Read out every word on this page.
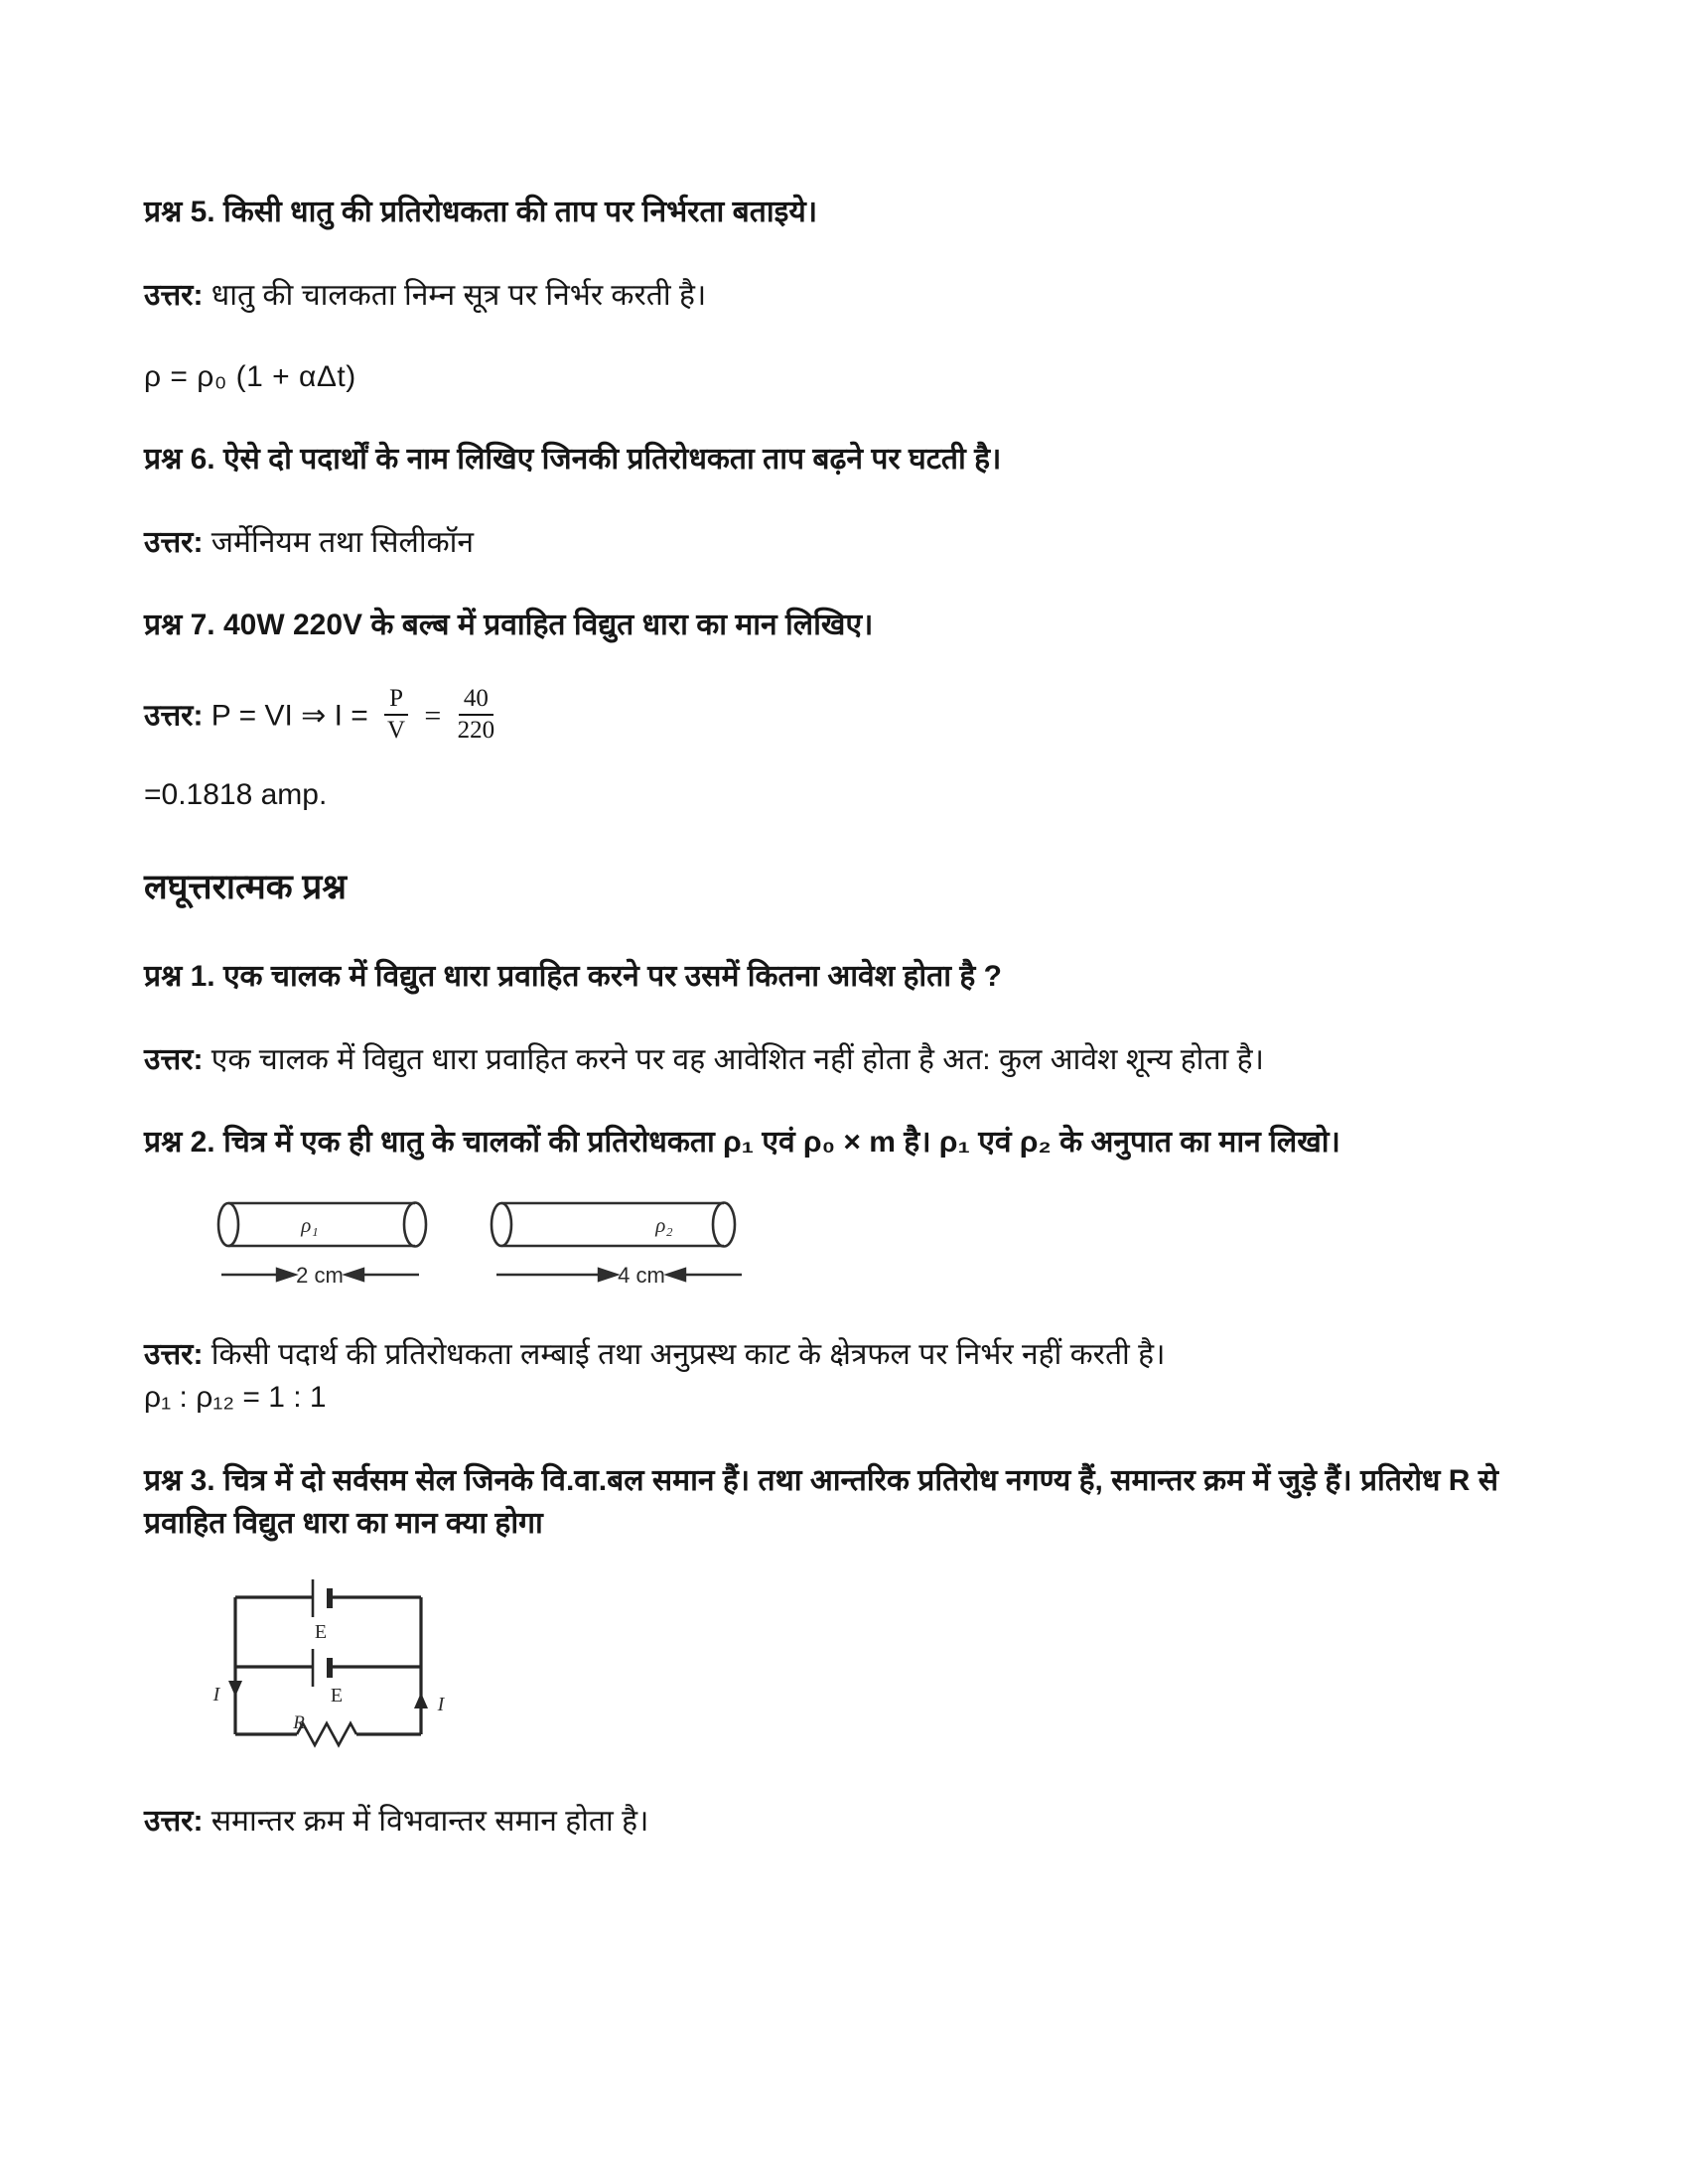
प्रश्न 5. किसी धातु की प्रतिरोधकता की ताप पर निर्भरता बताइये।

उत्तर: धातु की चालकता निम्न सूत्र पर निर्भर करती है।

ρ = ρ₀ (1 + αΔt)

प्रश्न 6. ऐसे दो पदार्थों के नाम लिखिए जिनकी प्रतिरोधकता ताप बढ़ने पर घटती है।

उत्तर: जर्मेनियम तथा सिलीकॉन

प्रश्न 7. 40W 220V के बल्ब में प्रवाहित विद्युत धारा का मान लिखिए।

उत्तर: P = VI ⇒ $I = \frac{P}{V} = \frac{40}{220}$

=0.1818 amp.

लघूत्तरात्मक प्रश्न

प्रश्न 1. एक चालक में विद्युत धारा प्रवाहित करने पर उसमें कितना आवेश होता है ?

उत्तर: एक चालक में विद्युत धारा प्रवाहित करने पर वह आवेशित नहीं होता है अत: कुल आवेश शून्य होता है।

प्रश्न 2. चित्र में एक ही धातु के चालकों की प्रतिरोधकता ρ₁ एवं ρ₀ × m है। ρ₁ एवं ρ₂ के अनुपात का मान लिखो।

ρ₁
2 cm
ρ₂
4 cm

उत्तर: किसी पदार्थ की प्रतिरोधकता लम्बाई तथा अनुप्रस्थ काट के क्षेत्रफल पर निर्भर नहीं करती है।
ρ₁ : ρ₁₂ = 1 : 1

प्रश्न 3. चित्र में दो सर्वसम सेल जिनके वि.वा.बल समान हैं। तथा आन्तरिक प्रतिरोध नगण्य हैं, समान्तर क्रम में जुड़े हैं। प्रतिरोध R से प्रवाहित विद्युत धारा का मान क्या होगा

E
E
R
I	I

उत्तर: समान्तर क्रम में विभवान्तर समान होता है।
